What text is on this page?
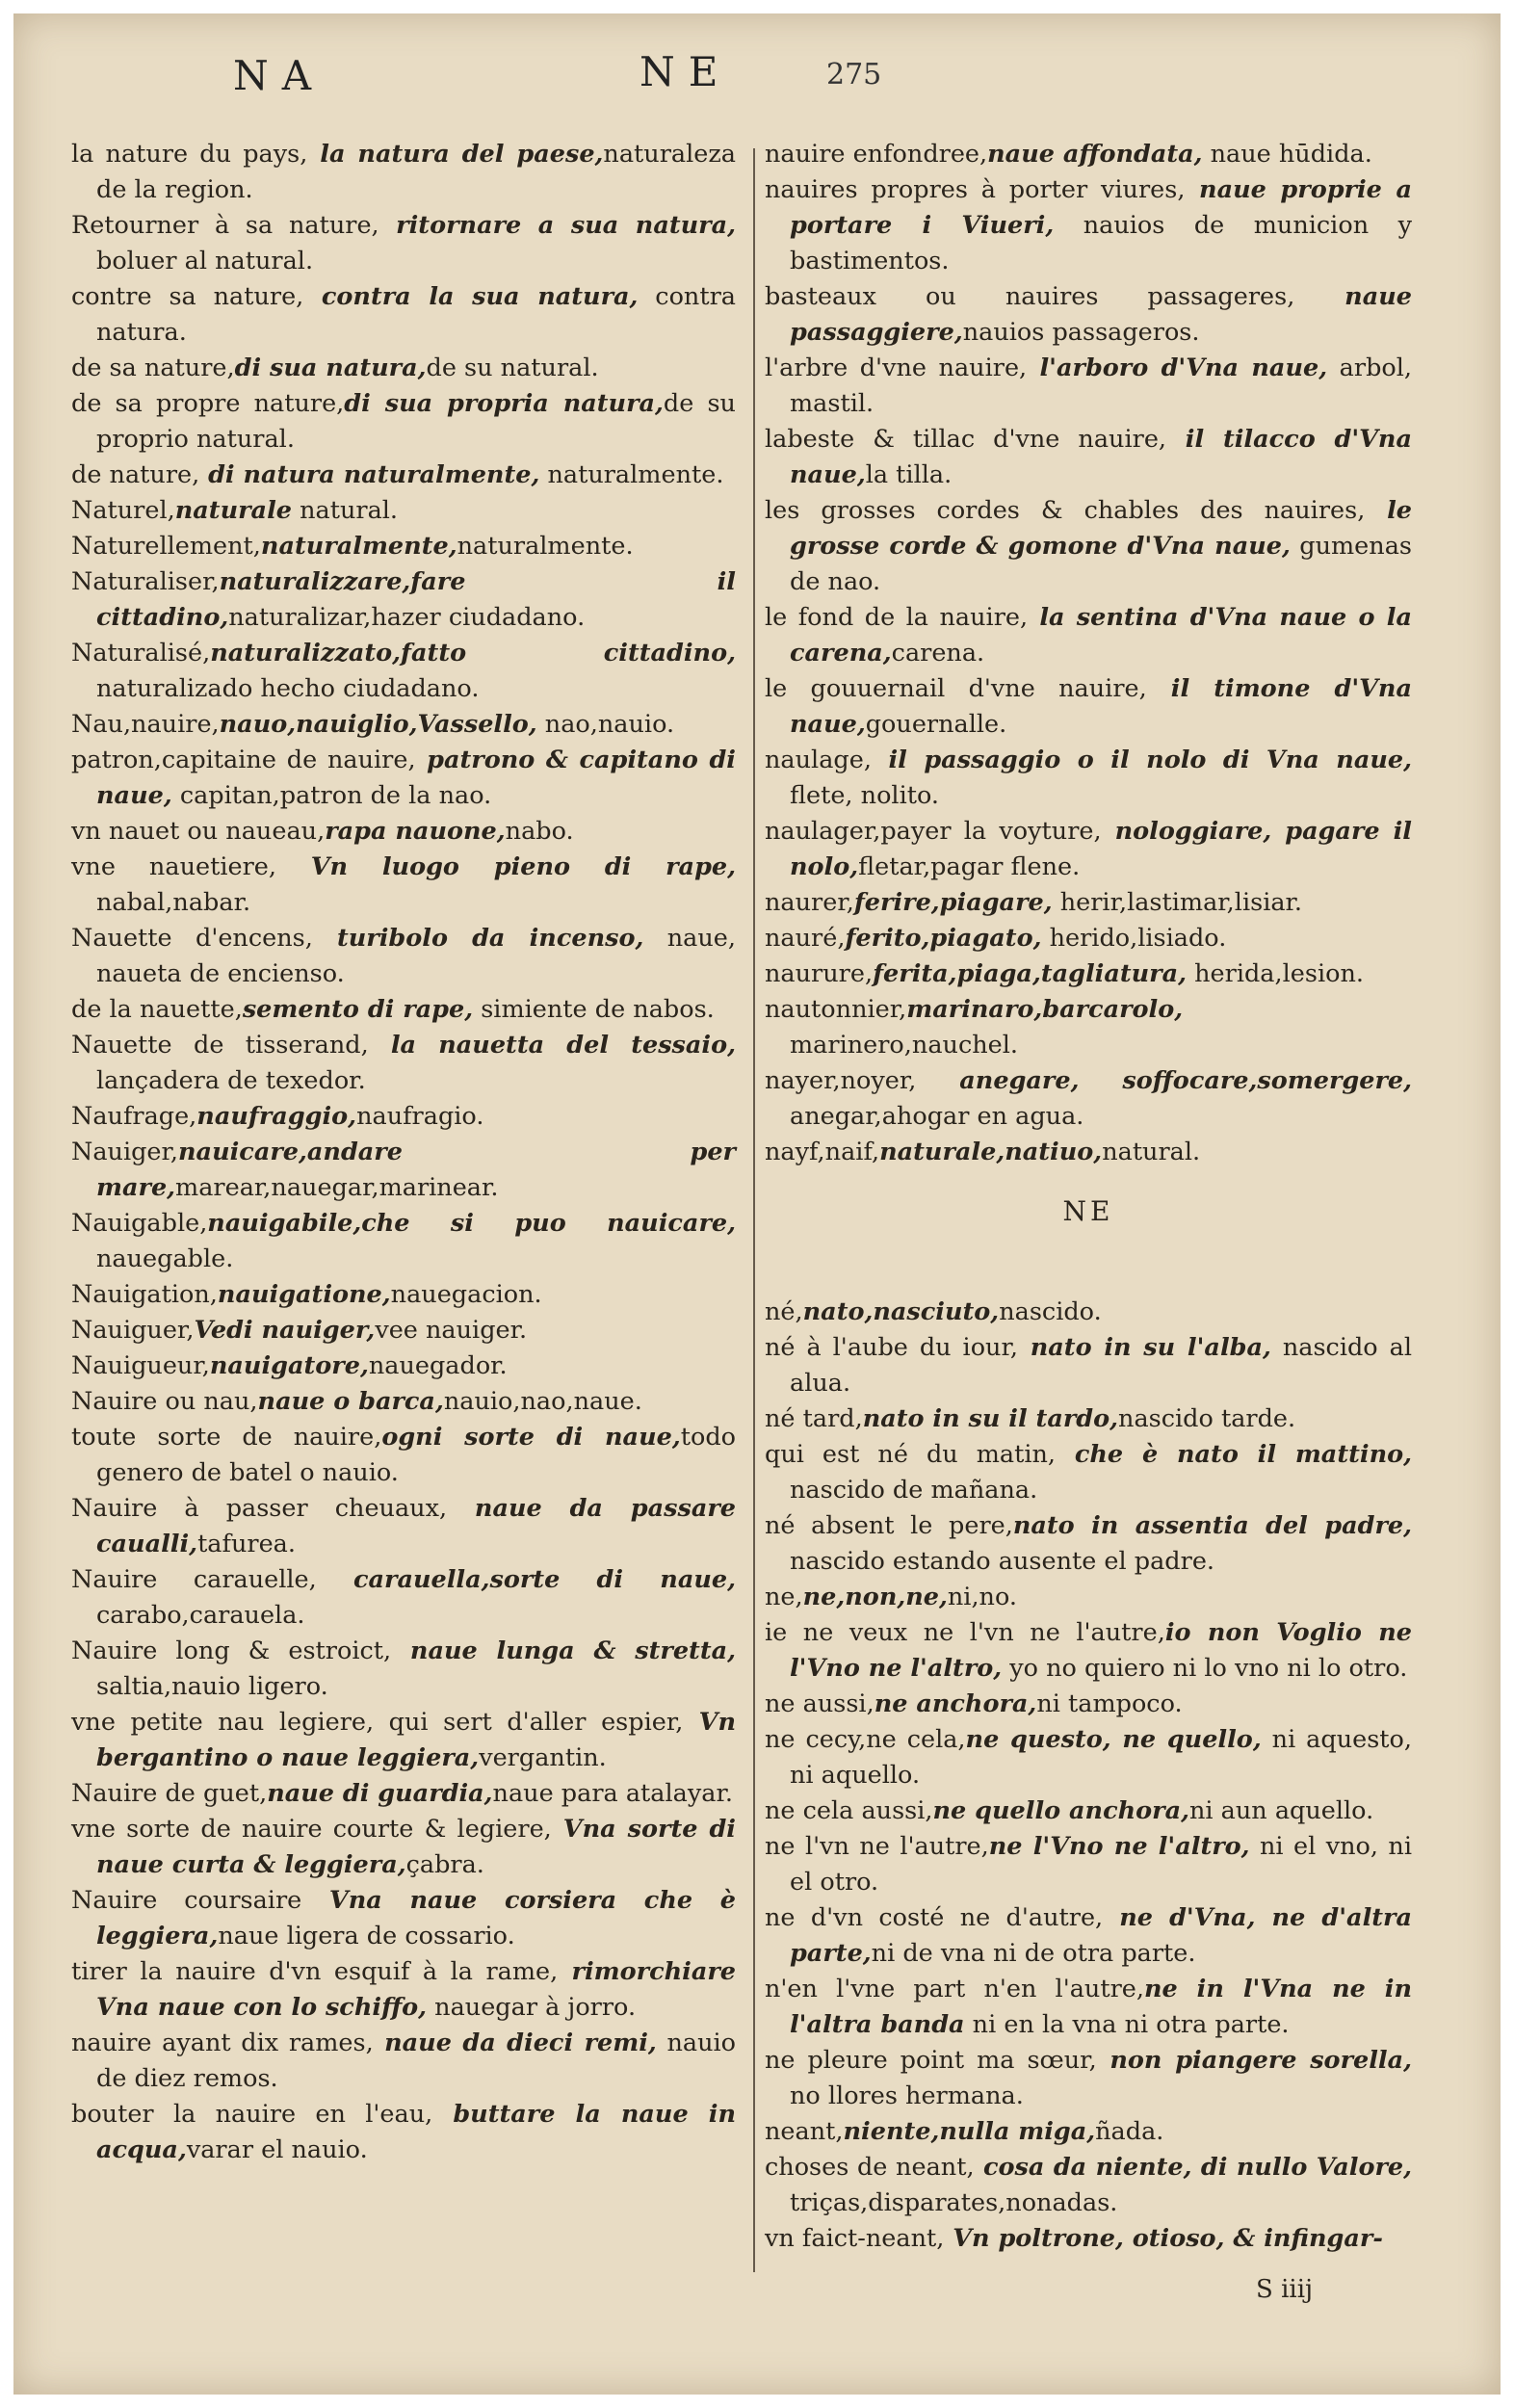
NA	NE	275
la nature du pays, la natura del paese,naturaleza de la region.
Retourner à sa nature, ritornare a sua natura, boluer al natural.
contre sa nature, contra la sua natura, contra natura.
de sa nature,di sua natura,de su natural.
de sa propre nature,di sua propria natura,de su proprio natural.
de nature, di natura naturalmente, naturalmente.
Naturel,naturale natural.
Naturellement,naturalmente,naturalmente.
Naturaliser,naturalizzare,fare il cittadino,naturalizar,hazer ciudadano.
Naturalisé,naturalizzato,fatto cittadino, naturalizado hecho ciudadano.
Nau,nauire,nauo,nauiglio,Vassello, nao,nauio.
patron,capitaine de nauire, patrono & capitano di naue, capitan,patron de la nao.
vn nauet ou naueau,rapa nauone,nabo.
vne nauetiere, Vn luogo pieno di rape, nabal,nabar.
Nauette d'encens, turibolo da incenso, naue, naueta de encienso.
de la nauette,semento di rape, simiente de nabos.
Nauette de tisserand, la nauetta del tessaio, lançadera de texedor.
Naufrage,naufraggio,naufragio.
Nauiger,nauicare,andare per mare,marear,nauegar,marinear.
Nauigable,nauigabile,che si puo nauicare, nauegable.
Nauigation,nauigatione,nauegacion.
Nauiguer,Vedi nauiger,vee nauiger.
Nauigueur,nauigatore,nauegador.
Nauire ou nau,naue o barca,nauio,nao,naue.
toute sorte de nauire,ogni sorte di naue,todo genero de batel o nauio.
Nauire à passer cheuaux, naue da passare caualli,tafurea.
Nauire carauelle, carauella,sorte di naue, carabo,carauela.
Nauire long & estroict, naue lunga & stretta, saltia,nauio ligero.
vne petite nau legiere, qui sert d'aller espier, Vn bergantino o naue leggiera,vergantin.
Nauire de guet,naue di guardia,naue para atalayar.
vne sorte de nauire courte & legiere, Vna sorte di naue curta & leggiera,çabra.
Nauire coursaire Vna naue corsiera che è leggiera,naue ligera de cossario.
tirer la nauire d'vn esquif à la rame, rimorchiare Vna naue con lo schiffo, nauegar à jorro.
nauire ayant dix rames, naue da dieci remi, nauio de diez remos.
bouter la nauire en l'eau, buttare la naue in acqua,varar el nauio.
nauire enfondree,naue affondata, naue hūdida.
nauires propres à porter viures, naue proprie a portare i Viueri, nauios de municion y bastimentos.
basteaux ou nauires passageres, naue passaggiere,nauios passageros.
l'arbre d'vne nauire, l'arboro d'Vna naue, arbol, mastil.
labeste & tillac d'vne nauire, il tilacco d'Vna naue,la tilla.
les grosses cordes & chables des nauires, le grosse corde & gomone d'Vna naue, gumenas de nao.
le fond de la nauire, la sentina d'Vna naue o la carena,carena.
le gouuernail d'vne nauire, il timone d'Vna naue,gouernalle.
naulage, il passaggio o il nolo di Vna naue, flete, nolito.
naulager,payer la voyture, nologgiare, pagare il nolo,fletar,pagar flene.
naurer,ferire,piagare, herir,lastimar,lisiar.
nauré,ferito,piagato, herido,lisiado.
naurure,ferita,piaga,tagliatura, herida,lesion.
nautonnier,marinaro,barcarolo, marinero,nauchel.
nayer,noyer, anegare, soffocare,somergere, anegar,ahogar en agua.
nayf,naif,naturale,natiuo,natural.
NE
né,nato,nasciuto,nascido.
né à l'aube du iour, nato in su l'alba, nascido al alua.
né tard,nato in su il tardo,nascido tarde.
qui est né du matin, che è nato il mattino, nascido de mañana.
né absent le pere,nato in assentia del padre, nascido estando ausente el padre.
ne,ne,non,ne,ni,no.
ie ne veux ne l'vn ne l'autre,io non Voglio ne l'Vno ne l'altro, yo no quiero ni lo vno ni lo otro.
ne aussi,ne anchora,ni tampoco.
ne cecy,ne cela,ne questo, ne quello, ni aquesto, ni aquello.
ne cela aussi,ne quello anchora,ni aun aquello.
ne l'vn ne l'autre,ne l'Vno ne l'altro, ni el vno, ni el otro.
ne d'vn costé ne d'autre, ne d'Vna, ne d'altra parte,ni de vna ni de otra parte.
n'en l'vne part n'en l'autre,ne in l'Vna ne in l'altra banda ni en la vna ni otra parte.
ne pleure point ma sœur, non piangere sorella, no llores hermana.
neant,niente,nulla miga,ñada.
choses de neant, cosa da niente, di nullo Valore, triças,disparates,nonadas.
vn faict-neant, Vn poltrone, otioso, & infingar-
S iiij
